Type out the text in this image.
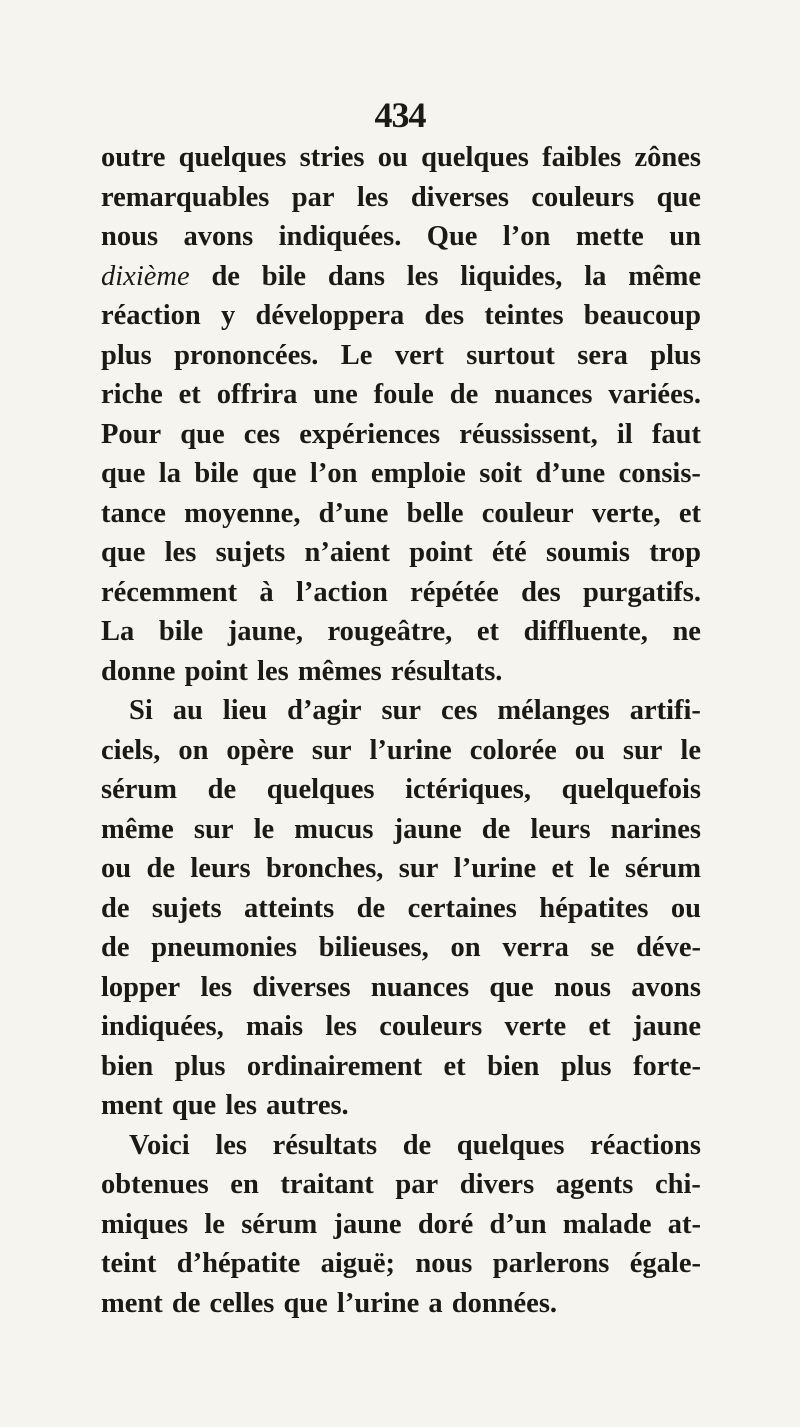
434
outre quelques stries ou quelques faibles zônes
remarquables par les diverses couleurs que
nous avons indiquées. Que l’on mette un
dixième de bile dans les liquides, la même
réaction y développera des teintes beaucoup
plus prononcées. Le vert surtout sera plus
riche et offrira une foule de nuances variées.
Pour que ces expériences réussissent, il faut
que la bile que l’on emploie soit d’une consis-
tance moyenne, d’une belle couleur verte, et
que les sujets n’aient point été soumis trop
récemment à l’action répétée des purgatifs.
La bile jaune, rougeâtre, et diffluente, ne
donne point les mêmes résultats.
Si au lieu d’agir sur ces mélanges artifi-
ciels, on opère sur l’urine colorée ou sur le
sérum de quelques ictériques, quelquefois
même sur le mucus jaune de leurs narines
ou de leurs bronches, sur l’urine et le sérum
de sujets atteints de certaines hépatites ou
de pneumonies bilieuses, on verra se déve-
lopper les diverses nuances que nous avons
indiquées, mais les couleurs verte et jaune
bien plus ordinairement et bien plus forte-
ment que les autres.
Voici les résultats de quelques réactions
obtenues en traitant par divers agents chi-
miques le sérum jaune doré d’un malade at-
teint d’hépatite aiguë; nous parlerons égale-
ment de celles que l’urine a données.
